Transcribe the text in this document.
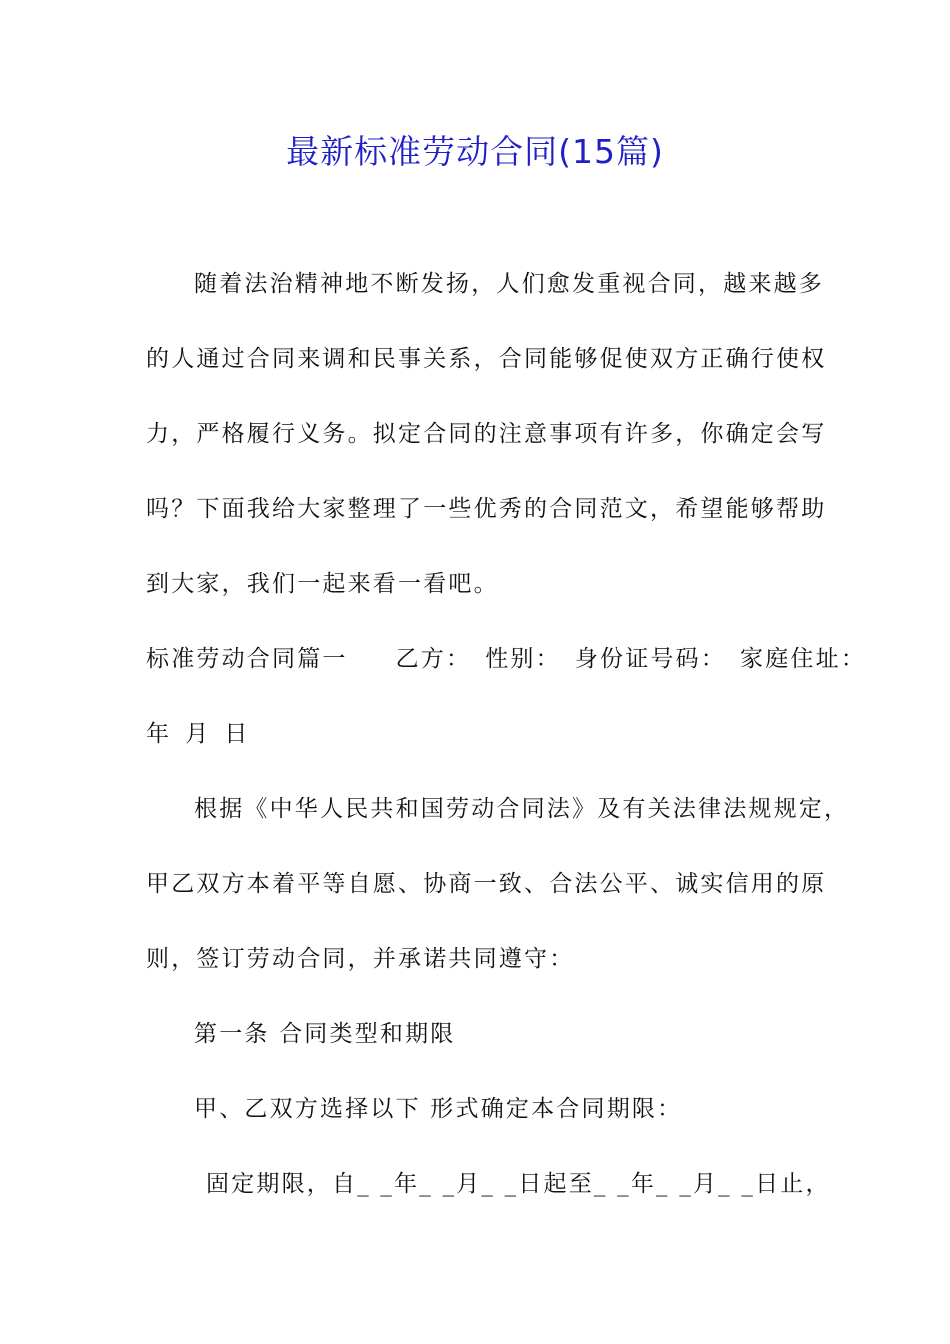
最新标准劳动合同(15篇)
随着法治精神地不断发扬，人们愈发重视合同，越来越多
的人通过合同来调和民事关系，合同能够促使双方正确行使权
力，严格履行义务。拟定合同的注意事项有许多，你确定会写
吗？下面我给大家整理了一些优秀的合同范文，希望能够帮助
到大家，我们一起来看一看吧。
标准劳动合同篇一 乙方： 性别： 身份证号码： 家庭住址：
年 月 日
根据《中华人民共和国劳动合同法》及有关法律法规规定，
甲乙双方本着平等自愿、协商一致、合法公平、诚实信用的原
则，签订劳动合同，并承诺共同遵守：
第一条 合同类型和期限
甲、乙双方选择以下 形式确定本合同期限：
固定期限，自_ _年_ _月_ _日起至_ _年_ _月_ _日止，
